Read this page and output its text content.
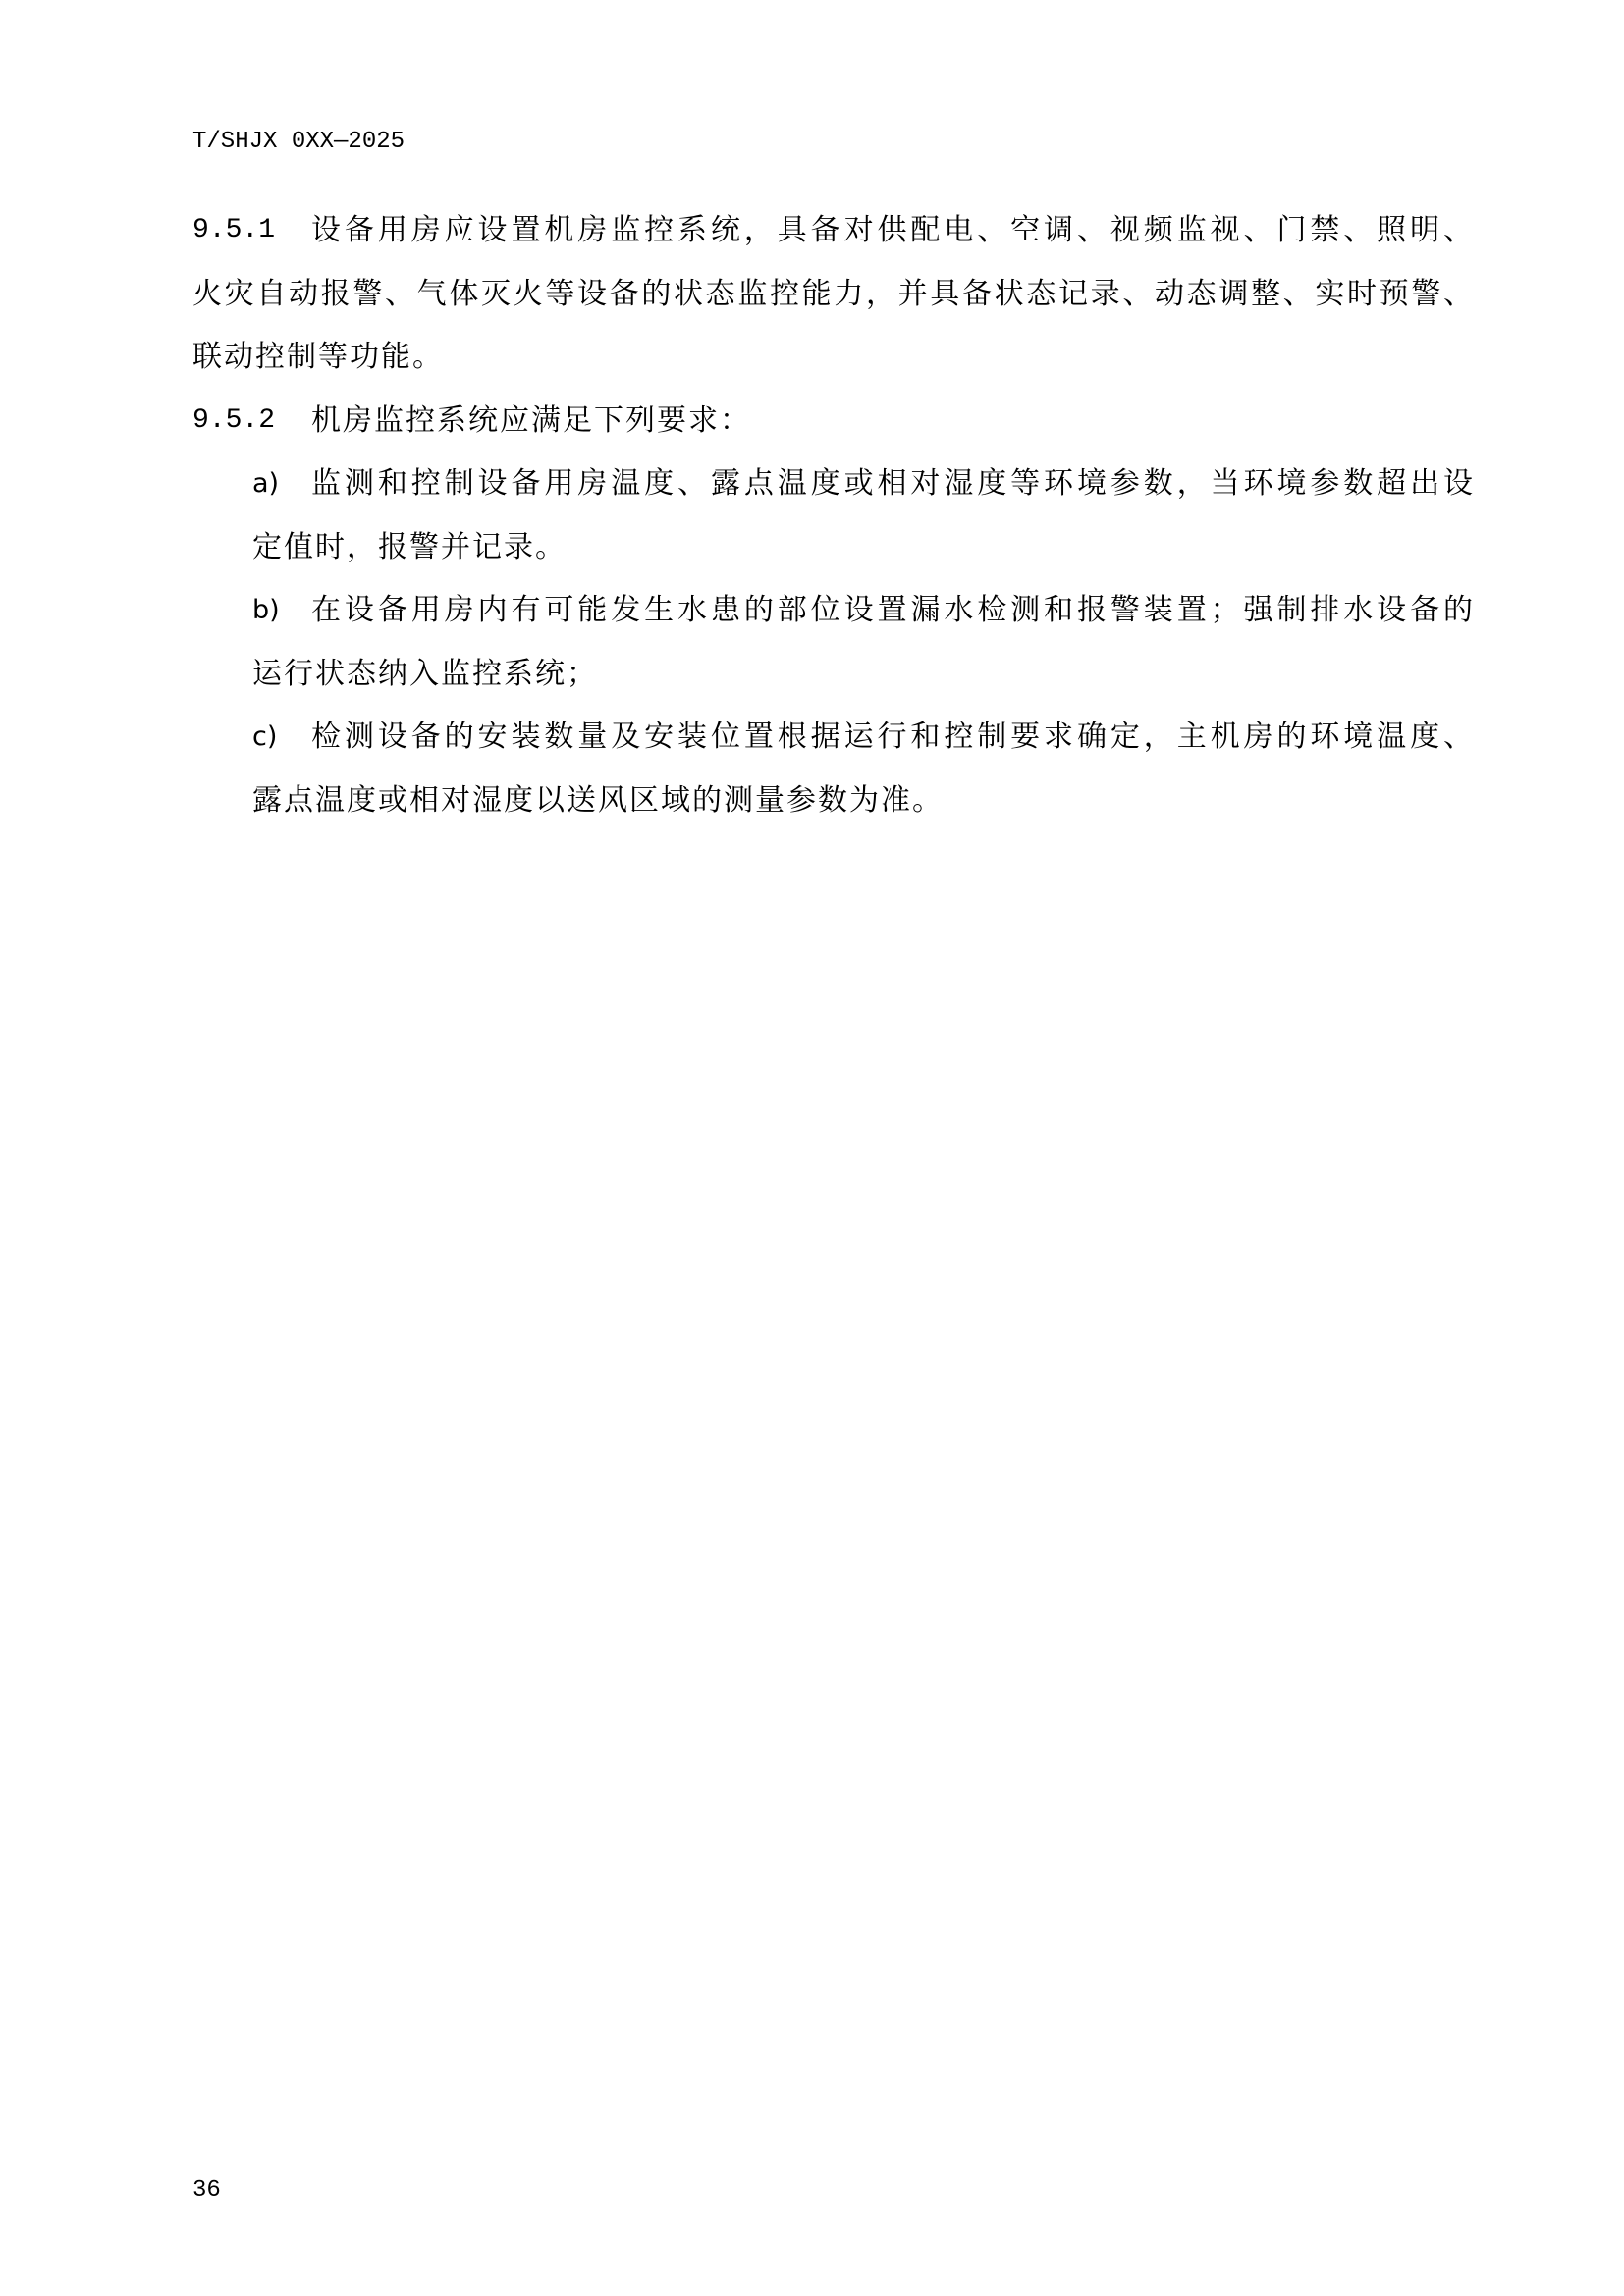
T/SHJX 0XX—2025
9.5.1	设备用房应设置机房监控系统，具备对供配电、空调、视频监视、门禁、照明、
火灾自动报警、气体灭火等设备的状态监控能力，并具备状态记录、动态调整、实时预警、
联动控制等功能。
9.5.2	机房监控系统应满足下列要求：
a)	监测和控制设备用房温度、露点温度或相对湿度等环境参数，当环境参数超出设
定值时，报警并记录。
b)	在设备用房内有可能发生水患的部位设置漏水检测和报警装置；强制排水设备的
运行状态纳入监控系统；
c)	检测设备的安装数量及安装位置根据运行和控制要求确定，主机房的环境温度、
露点温度或相对湿度以送风区域的测量参数为准。
36
